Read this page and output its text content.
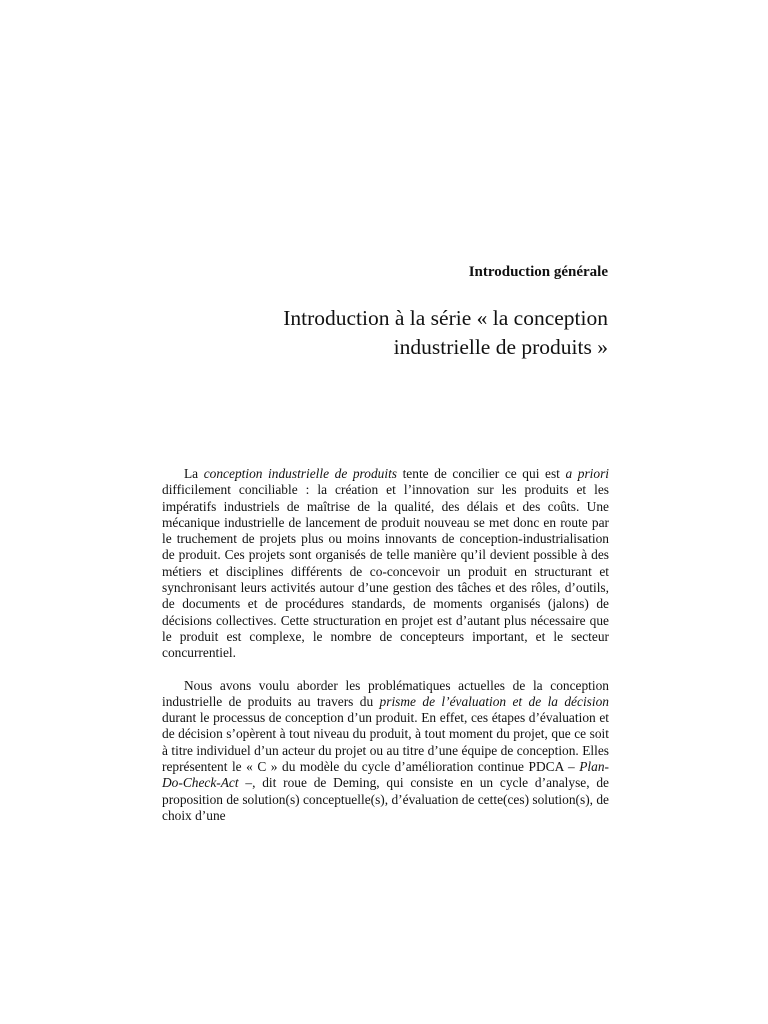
Introduction générale
Introduction à la série « la conception
industrielle de produits »

La conception industrielle de produits tente de concilier ce qui est a priori difficilement conciliable : la création et l’innovation sur les produits et les impératifs industriels de maîtrise de la qualité, des délais et des coûts. Une mécanique industrielle de lancement de produit nouveau se met donc en route par le truchement de projets plus ou moins innovants de conception-industrialisation de produit. Ces projets sont organisés de telle manière qu’il devient possible à des métiers et disciplines différents de co-concevoir un produit en structurant et synchronisant leurs activités autour d’une gestion des tâches et des rôles, d’outils, de documents et de procédures standards, de moments organisés (jalons) de décisions collectives. Cette structuration en projet est d’autant plus nécessaire que le produit est complexe, le nombre de concepteurs important, et le secteur concurrentiel.

Nous avons voulu aborder les problématiques actuelles de la conception industrielle de produits au travers du prisme de l’évaluation et de la décision durant le processus de conception d’un produit. En effet, ces étapes d’évaluation et de décision s’opèrent à tout niveau du produit, à tout moment du projet, que ce soit à titre individuel d’un acteur du projet ou au titre d’une équipe de conception. Elles représentent le « C » du modèle du cycle d’amélioration continue PDCA – Plan-Do-Check-Act –, dit roue de Deming, qui consiste en un cycle d’analyse, de proposition de solution(s) conceptuelle(s), d’évaluation de cette(ces) solution(s), de choix d’une
